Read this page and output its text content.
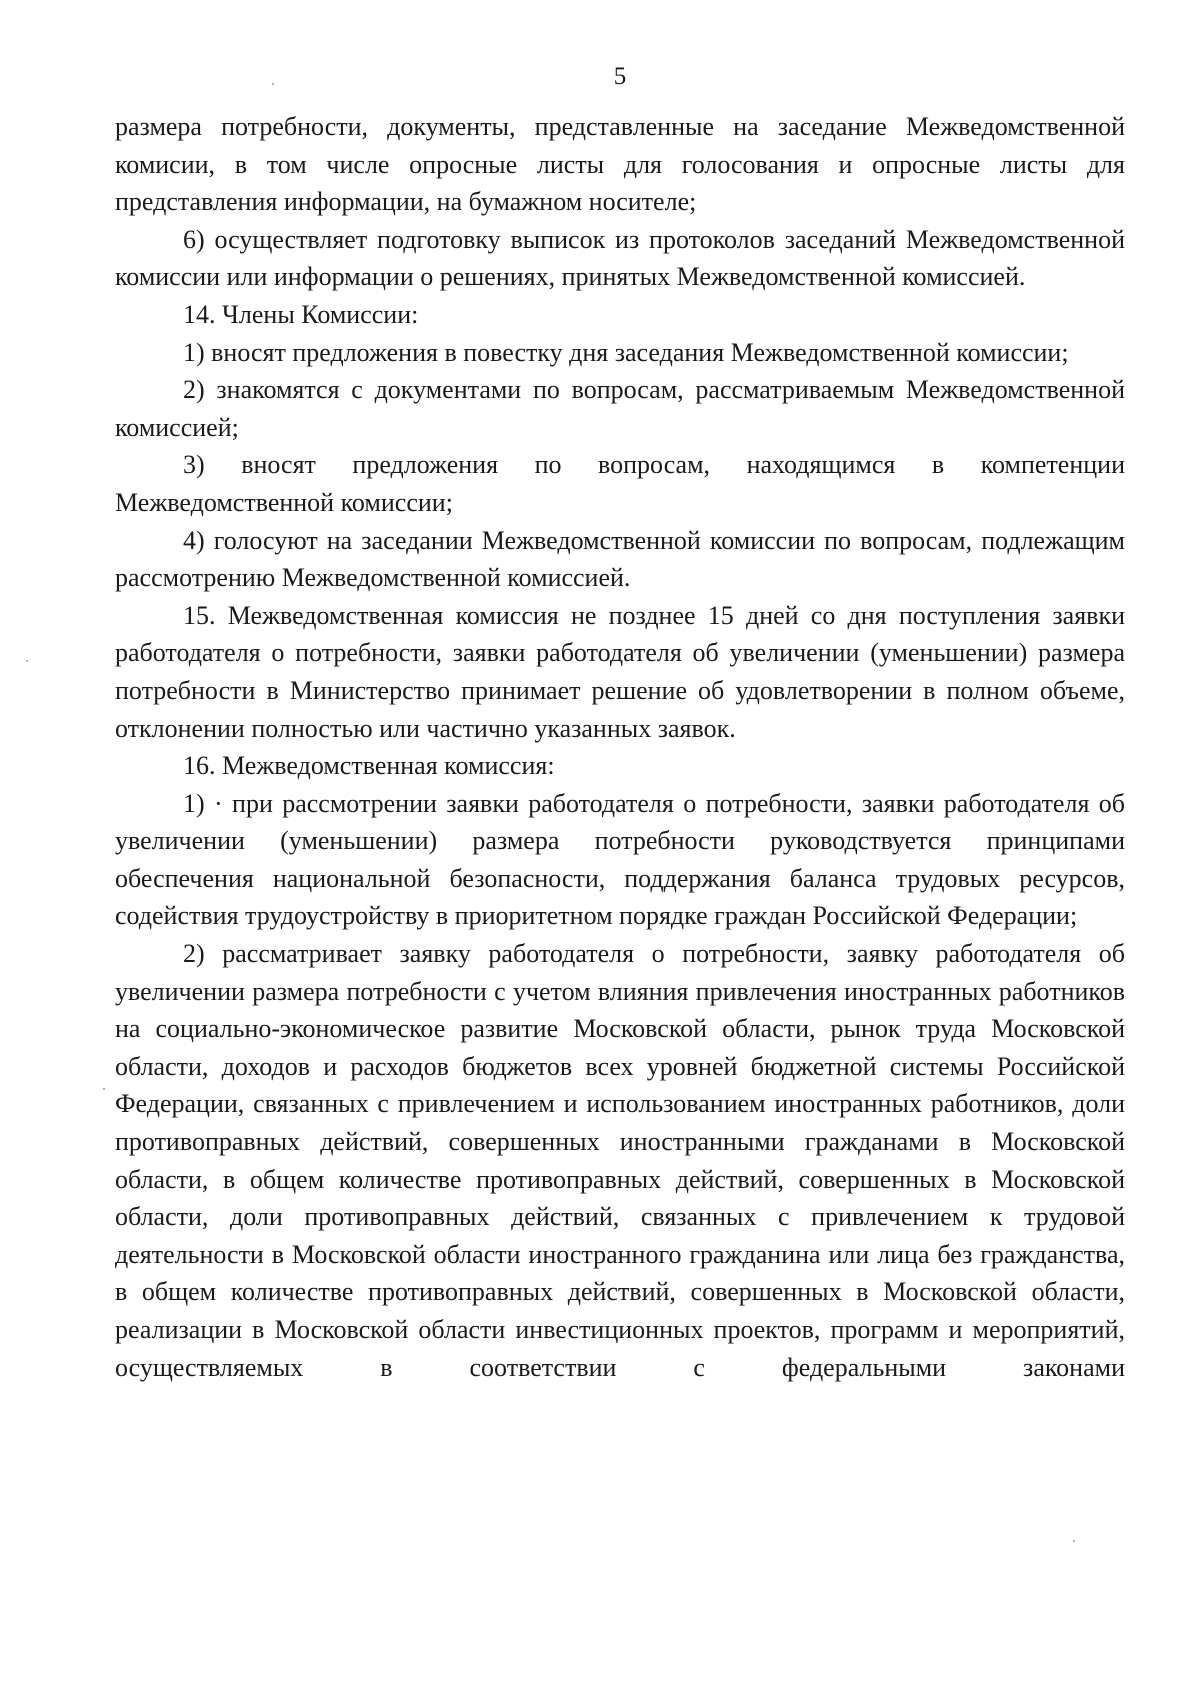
5

размера потребности, документы, представленные на заседание Межведомственной комиcии, в том числе опросные листы для голосования и опросные листы для представления информации, на бумажном носителе;

6) осуществляет подготовку выписок из протоколов заседаний Межведомственной комиссии или информации о решениях, принятых Межведомственной комиссией.

14. Члены Комиссии:

1) вносят предложения в повестку дня заседания Межведомственной комиссии;

2) знакомятся с документами по вопросам, рассматриваемым Межведомственной комиссией;

3) вносят предложения по вопросам, находящимся в компетенции Межведомственной комиссии;

4) голосуют на заседании Межведомственной комиссии по вопросам, подлежащим рассмотрению Межведомственной комиссией.

15. Межведомственная комиссия не позднее 15 дней со дня поступления заявки работодателя о потребности, заявки работодателя об увеличении (уменьшении) размера потребности в Министерство принимает решение об удовлетворении в полном объеме, отклонении полностью или частично указанных заявок.

16. Межведомственная комиссия:

1) · при рассмотрении заявки работодателя о потребности, заявки работодателя об увеличении (уменьшении) размера потребности руководствуется принципами обеспечения национальной безопасности, поддержания баланса трудовых ресурсов, содействия трудоустройству в приоритетном порядке граждан Российской Федерации;

2) рассматривает заявку работодателя о потребности, заявку работодателя об увеличении размера потребности с учетом влияния привлечения иностранных работников на социально-экономическое развитие Московской области, рынок труда Московской области, доходов и расходов бюджетов всех уровней бюджетной системы Российской Федерации, связанных с привлечением и использованием иностранных работников, доли противоправных действий, совершенных иностранными гражданами в Московской области, в общем количестве противоправных действий, совершенных в Московской области, доли противоправных действий, связанных с привлечением к трудовой деятельности в Московской области иностранного гражданина или лица без гражданства, в общем количестве противоправных действий, совершенных в Московской области, реализации в Московской области инвестиционных проектов, программ и мероприятий, осуществляемых в соответствии с федеральными законами
